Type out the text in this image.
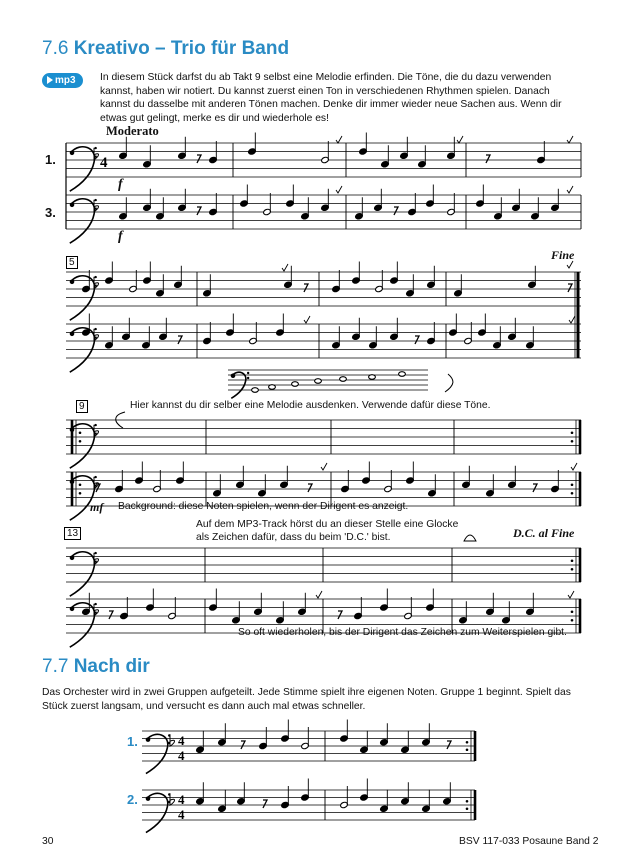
7.6 Kreativo – Trio für Band
mp3	In diesem Stück darfst du ab Takt 9 selbst eine Melodie erfinden. Die Töne, die du dazu verwenden kannst, haben wir notiert. Du kannst zuerst einen Ton in verschiedenen Rhythmen spielen. Danach kannst du dasselbe mit anderen Tönen machen. Denke dir immer wieder neue Sachen aus. Wenn dir etwas gut gelingt, merke es dir und wiederhole es!
Moderato
1.
3.
f
f
5
Fine
9	Hier kannst du dir selber eine Melodie ausdenken. Verwende dafür diese Töne.
mf Background: diese Noten spielen, wenn der Dirigent es anzeigt.
13
Auf dem MP3-Track hörst du an dieser Stelle eine Glocke als Zeichen dafür, dass du beim 'D.C.' bist.	D.C. al Fine
So oft wiederholen, bis der Dirigent das Zeichen zum Weiterspielen gibt.
7.7 Nach dir
Das Orchester wird in zwei Gruppen aufgeteilt. Jede Stimme spielt ihre eigenen Noten. Gruppe 1 beginnt. Spielt das Stück zuerst langsam, und versucht es dann auch mal etwas schneller.
1.
2.
30	BSV 117-033 Posaune Band 2
4
4
4
4
4
